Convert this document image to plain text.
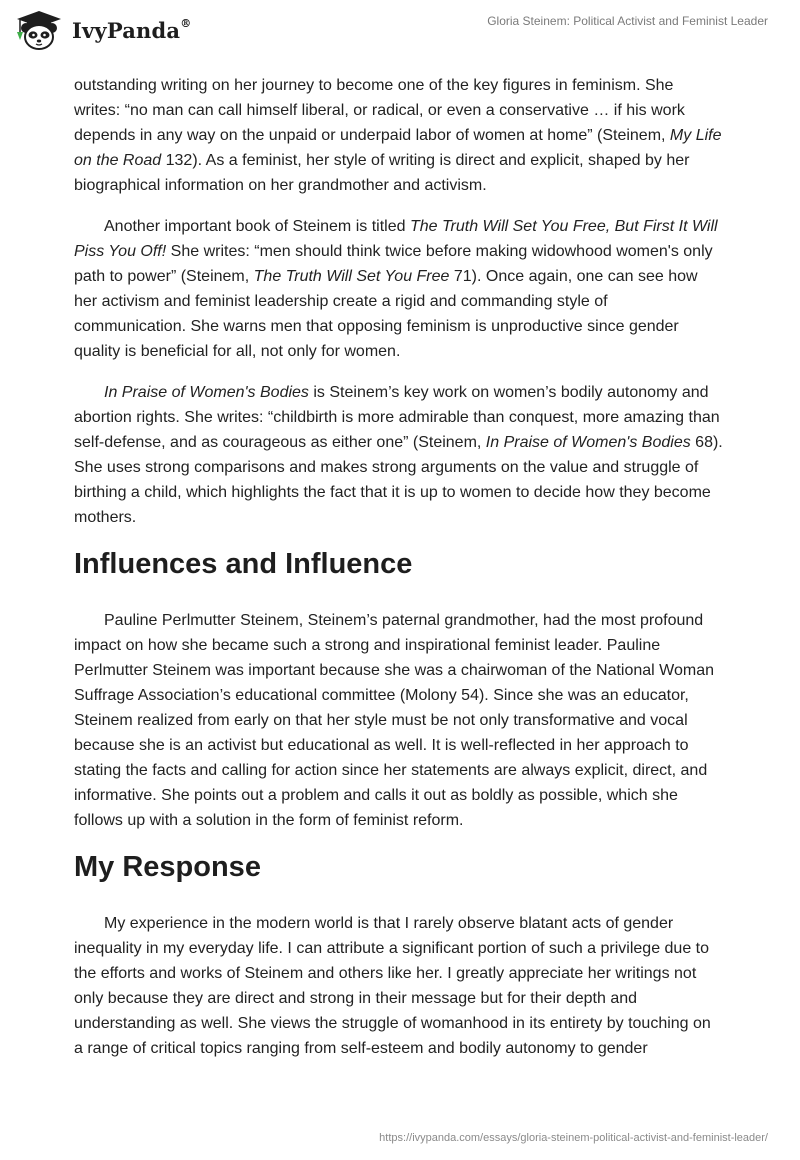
IvyPanda®	Gloria Steinem: Political Activist and Feminist Leader

outstanding writing on her journey to become one of the key figures in feminism. She writes: “no man can call himself liberal, or radical, or even a conservative … if his work depends in any way on the unpaid or underpaid labor of women at home” (Steinem, My Life on the Road 132). As a feminist, her style of writing is direct and explicit, shaped by her biographical information on her grandmother and activism.

Another important book of Steinem is titled The Truth Will Set You Free, But First It Will Piss You Off! She writes: “men should think twice before making widowhood women's only path to power” (Steinem, The Truth Will Set You Free 71). Once again, one can see how her activism and feminist leadership create a rigid and commanding style of communication. She warns men that opposing feminism is unproductive since gender quality is beneficial for all, not only for women.

In Praise of Women's Bodies is Steinem’s key work on women’s bodily autonomy and abortion rights. She writes: “childbirth is more admirable than conquest, more amazing than self-defense, and as courageous as either one” (Steinem, In Praise of Women's Bodies 68). She uses strong comparisons and makes strong arguments on the value and struggle of birthing a child, which highlights the fact that it is up to women to decide how they become mothers.

Influences and Influence

Pauline Perlmutter Steinem, Steinem’s paternal grandmother, had the most profound impact on how she became such a strong and inspirational feminist leader. Pauline Perlmutter Steinem was important because she was a chairwoman of the National Woman Suffrage Association’s educational committee (Molony 54). Since she was an educator, Steinem realized from early on that her style must be not only transformative and vocal because she is an activist but educational as well. It is well-reflected in her approach to stating the facts and calling for action since her statements are always explicit, direct, and informative. She points out a problem and calls it out as boldly as possible, which she follows up with a solution in the form of feminist reform.

My Response

My experience in the modern world is that I rarely observe blatant acts of gender inequality in my everyday life. I can attribute a significant portion of such a privilege due to the efforts and works of Steinem and others like her. I greatly appreciate her writings not only because they are direct and strong in their message but for their depth and understanding as well. She views the struggle of womanhood in its entirety by touching on a range of critical topics ranging from self-esteem and bodily autonomy to gender

https://ivypanda.com/essays/gloria-steinem-political-activist-and-feminist-leader/
